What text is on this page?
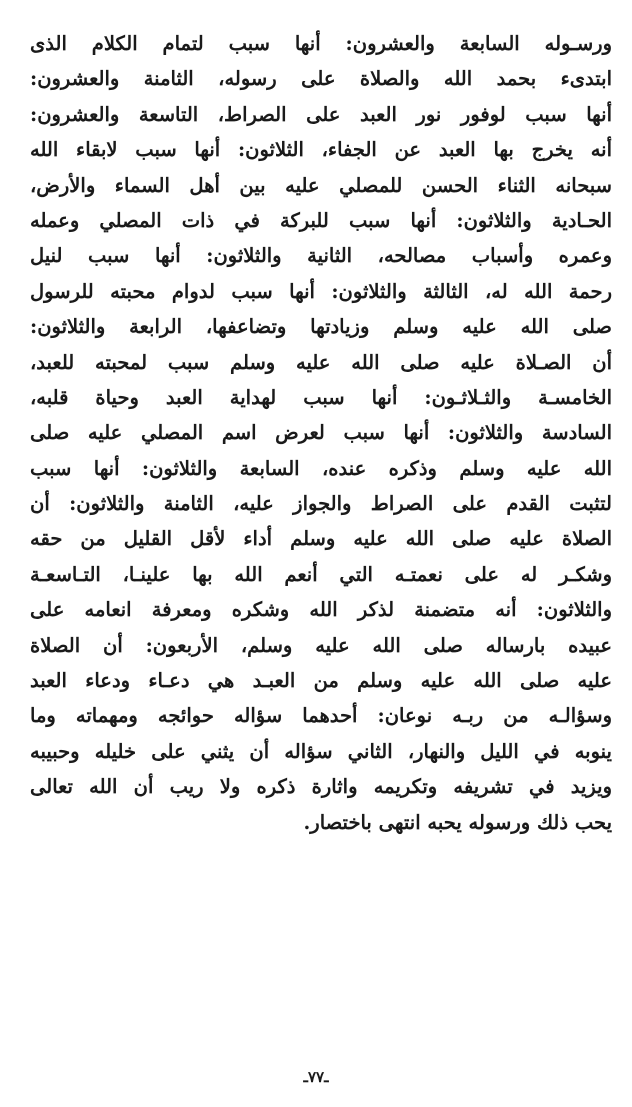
ورسـوله السابعة والعشرون: أنها سبب لتمام الكلام الذى
ابتدىء بحمد الله والصلاة على رسوله، الثامنة والعشرون:
أنها سبب لوفور نور العبد على الصراط، التاسعة والعشرون:
أنه يخرج بها العبد عن الجفاء، الثلاثون: أنها سبب لابقاء الله
سبحانه الثناء الحسن للمصلي عليه بين أهل السماء والأرض،
الحـادية والثلاثون: أنها سبب للبركة في ذات المصلي وعمله
وعمره وأسباب مصالحه، الثانية والثلاثون: أنها سبب لنيل
رحمة الله له، الثالثة والثلاثون: أنها سبب لدوام محبته للرسول
صلى الله عليه وسلم وزيادتها وتضاعفها، الرابعة والثلاثون:
أن الصـلاة عليه صلى الله عليه وسلم سبب لمحبته للعبد،
الخامسـة والثـلاثـون: أنها سبب لهداية العبد وحياة قلبه،
السادسة والثلاثون: أنها سبب لعرض اسم المصلي عليه صلى
الله عليه وسلم وذكره عنده، السابعة والثلاثون: أنها سبب
لتثبت القدم على الصراط والجواز عليه، الثامنة والثلاثون: أن
الصلاة عليه صلى الله عليه وسلم أداء لأقل القليل من حقه
وشكـر له على نعمتـه التي أنعم الله بها علينـا، التـاسعـة
والثلاثون: أنه متضمنة لذكر الله وشكره ومعرفة انعامه على
عبيده بارساله صلى الله عليه وسلم، الأربعون: أن الصلاة
عليه صلى الله عليه وسلم من العبـد هي دعـاء ودعاء العبد
وسؤالـه من ربـه نوعان: أحدهما سؤاله حوائجه ومهماته وما
ينوبه في الليل والنهار، الثاني سؤاله أن يثني على خليله وحبيبه
ويزيد في تشريفه وتكريمه واثارة ذكره ولا ريب أن الله تعالى
يحب ذلك ورسوله يحبه انتهى باختصار.
ـ٧٧ـ
